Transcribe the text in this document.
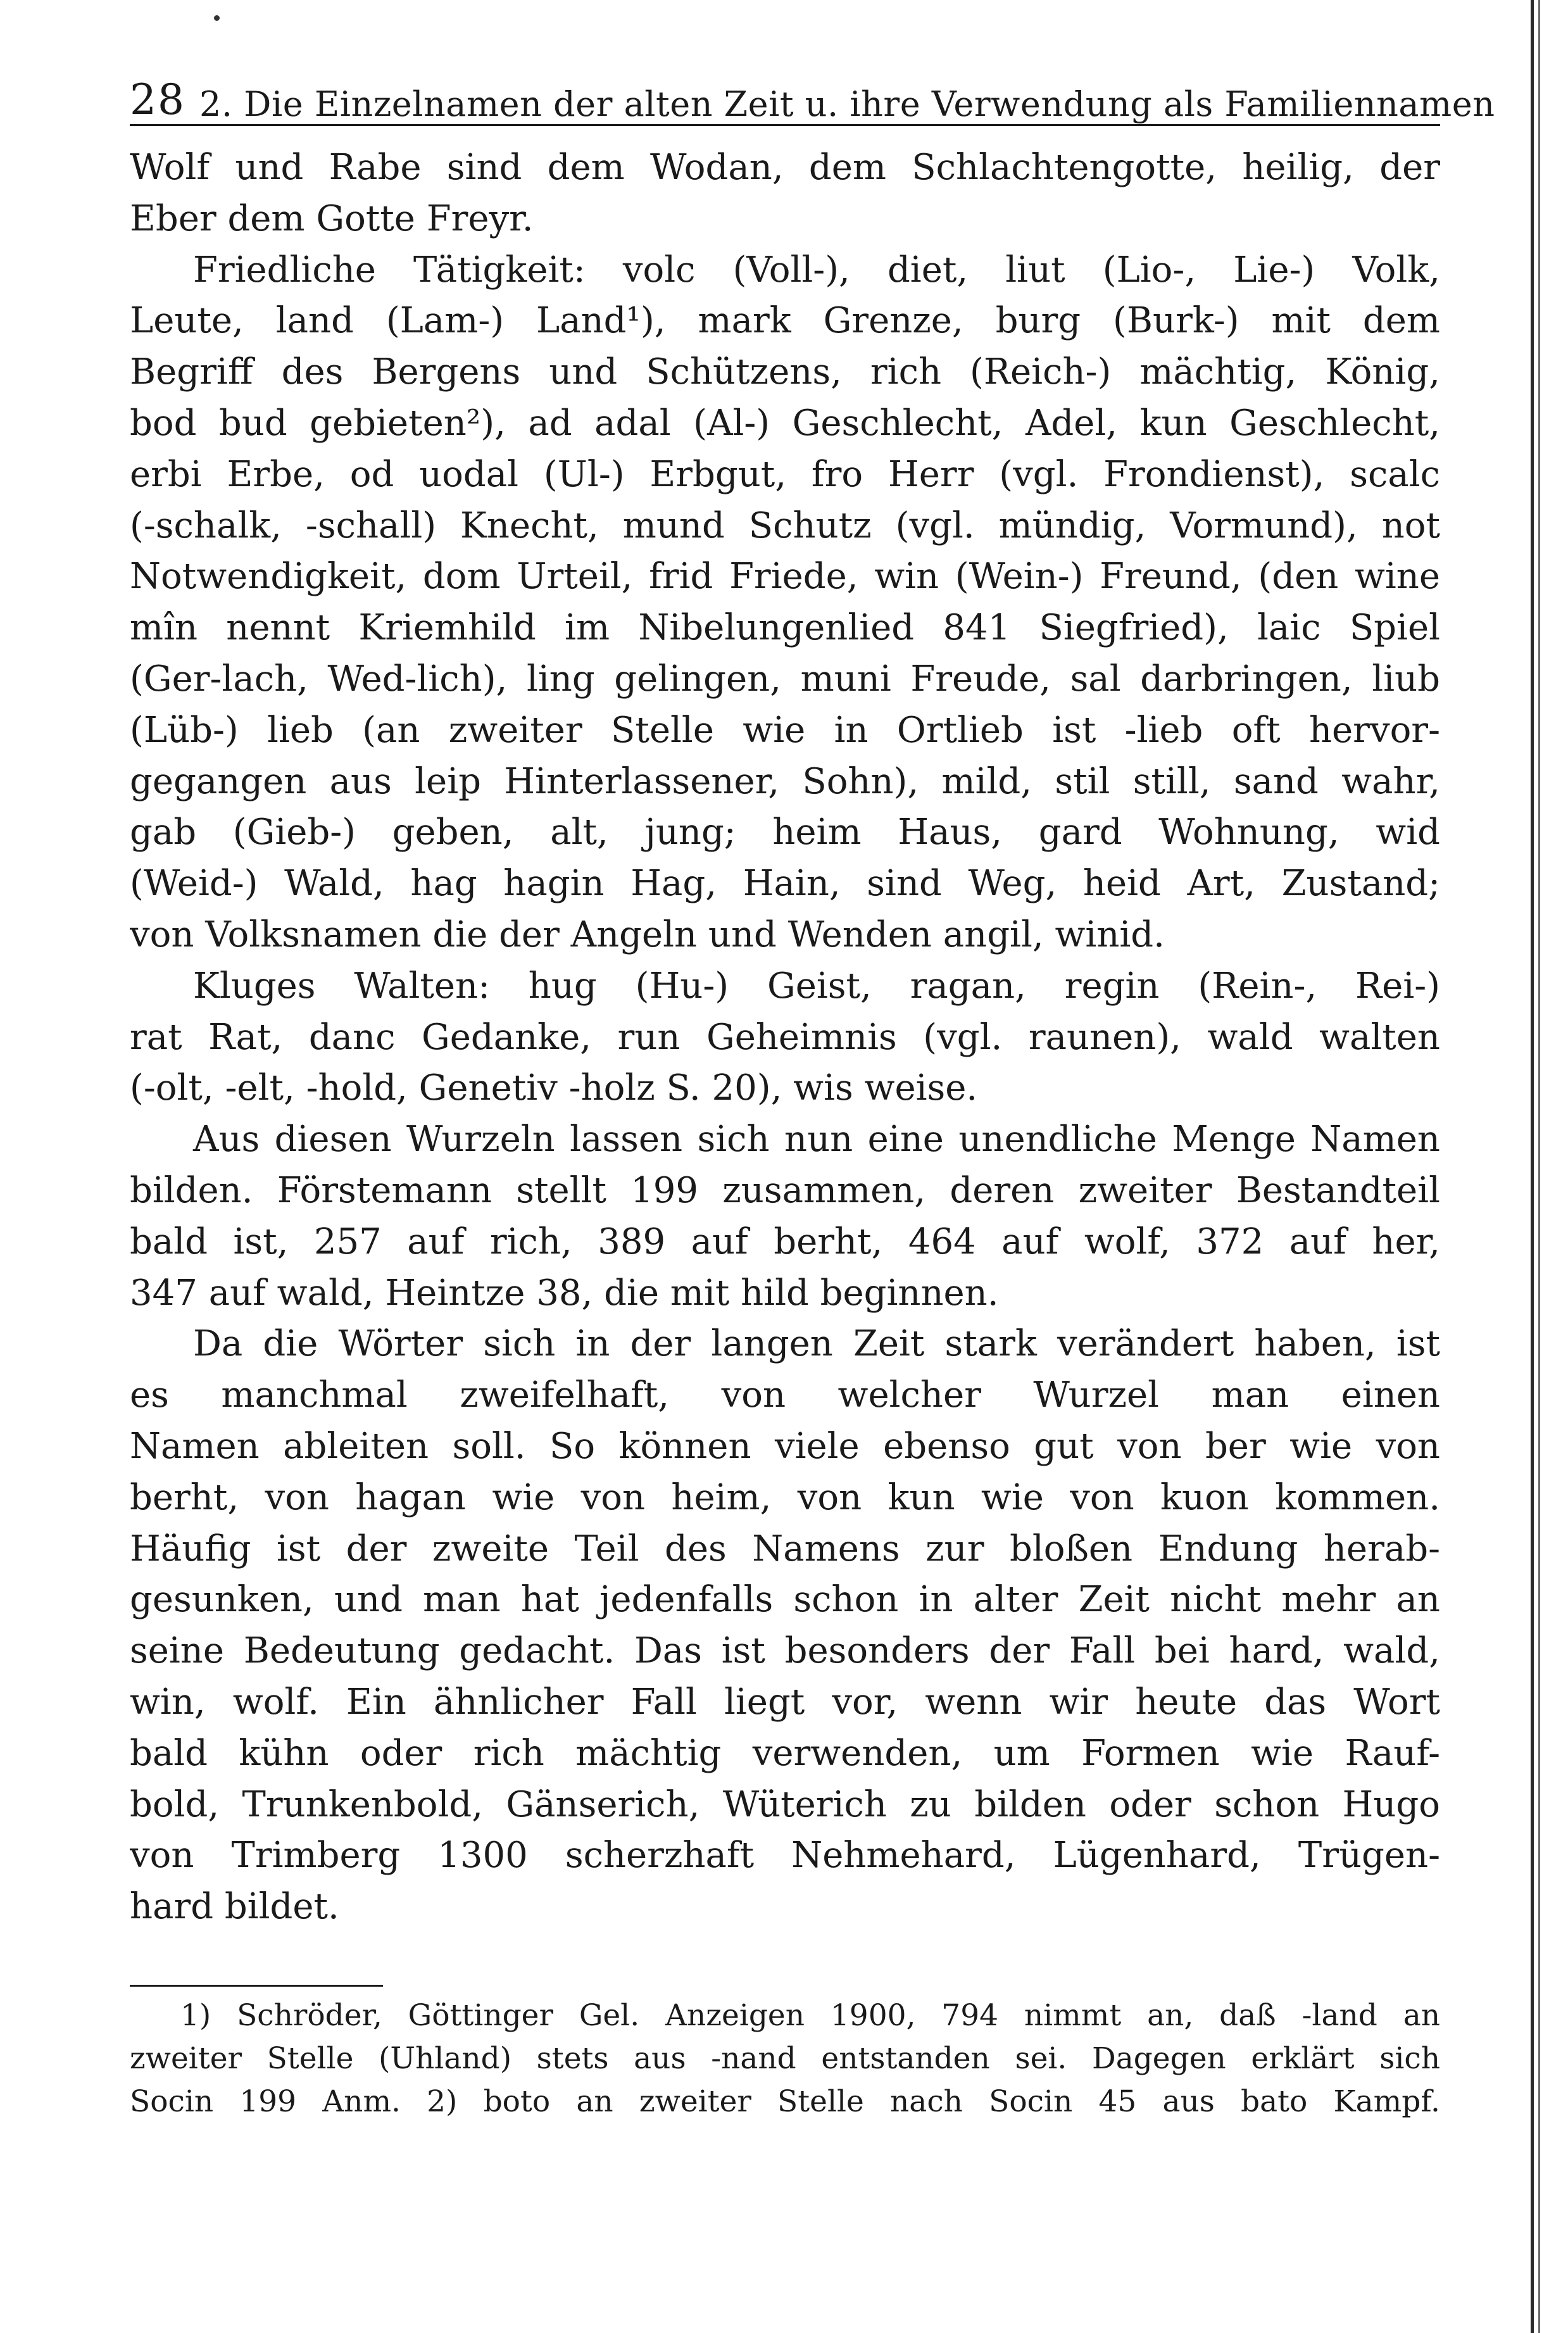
28 2. Die Einzelnamen der alten Zeit u. ihre Verwendung als Familiennamen
Wolf und Rabe sind dem Wodan, dem Schlachtengotte, heilig, der
Eber dem Gotte Freyr.
Friedliche Tätigkeit: volc (Voll-), diet, liut (Lio-, Lie-) Volk,
Leute, land (Lam-) Land¹), mark Grenze, burg (Burk-) mit dem
Begriff des Bergens und Schützens, rich (Reich-) mächtig, König,
bod bud gebieten²), ad adal (Al-) Geschlecht, Adel, kun Geschlecht,
erbi Erbe, od uodal (Ul-) Erbgut, fro Herr (vgl. Frondienst), scalc
(-schalk, -schall) Knecht, mund Schutz (vgl. mündig, Vormund), not
Notwendigkeit, dom Urteil, frid Friede, win (Wein-) Freund, (den wine
mîn nennt Kriemhild im Nibelungenlied 841 Siegfried), laic Spiel
(Ger-lach, Wed-lich), ling gelingen, muni Freude, sal darbringen, liub
(Lüb-) lieb (an zweiter Stelle wie in Ortlieb ist -lieb oft hervor-
gegangen aus leip Hinterlassener, Sohn), mild, stil still, sand wahr,
gab (Gieb-) geben, alt, jung; heim Haus, gard Wohnung, wid
(Weid-) Wald, hag hagin Hag, Hain, sind Weg, heid Art, Zustand;
von Volksnamen die der Angeln und Wenden angil, winid.
Kluges Walten: hug (Hu-) Geist, ragan, regin (Rein-, Rei-)
rat Rat, danc Gedanke, run Geheimnis (vgl. raunen), wald walten
(-olt, -elt, -hold, Genetiv -holz S. 20), wis weise.
Aus diesen Wurzeln lassen sich nun eine unendliche Menge Namen
bilden. Förstemann stellt 199 zusammen, deren zweiter Bestandteil
bald ist, 257 auf rich, 389 auf berht, 464 auf wolf, 372 auf her,
347 auf wald, Heintze 38, die mit hild beginnen.
Da die Wörter sich in der langen Zeit stark verändert haben, ist
es manchmal zweifelhaft, von welcher Wurzel man einen
Namen ableiten soll. So können viele ebenso gut von ber wie von
berht, von hagan wie von heim, von kun wie von kuon kommen.
Häufig ist der zweite Teil des Namens zur bloßen Endung herab-
gesunken, und man hat jedenfalls schon in alter Zeit nicht mehr an
seine Bedeutung gedacht. Das ist besonders der Fall bei hard, wald,
win, wolf. Ein ähnlicher Fall liegt vor, wenn wir heute das Wort
bald kühn oder rich mächtig verwenden, um Formen wie Rauf-
bold, Trunkenbold, Gänserich, Wüterich zu bilden oder schon Hugo
von Trimberg 1300 scherzhaft Nehmehard, Lügenhard, Trügen-
hard bildet.
1) Schröder, Göttinger Gel. Anzeigen 1900, 794 nimmt an, daß -land an
zweiter Stelle (Uhland) stets aus -nand entstanden sei. Dagegen erklärt sich
Socin 199 Anm. 2) boto an zweiter Stelle nach Socin 45 aus bato Kampf.
